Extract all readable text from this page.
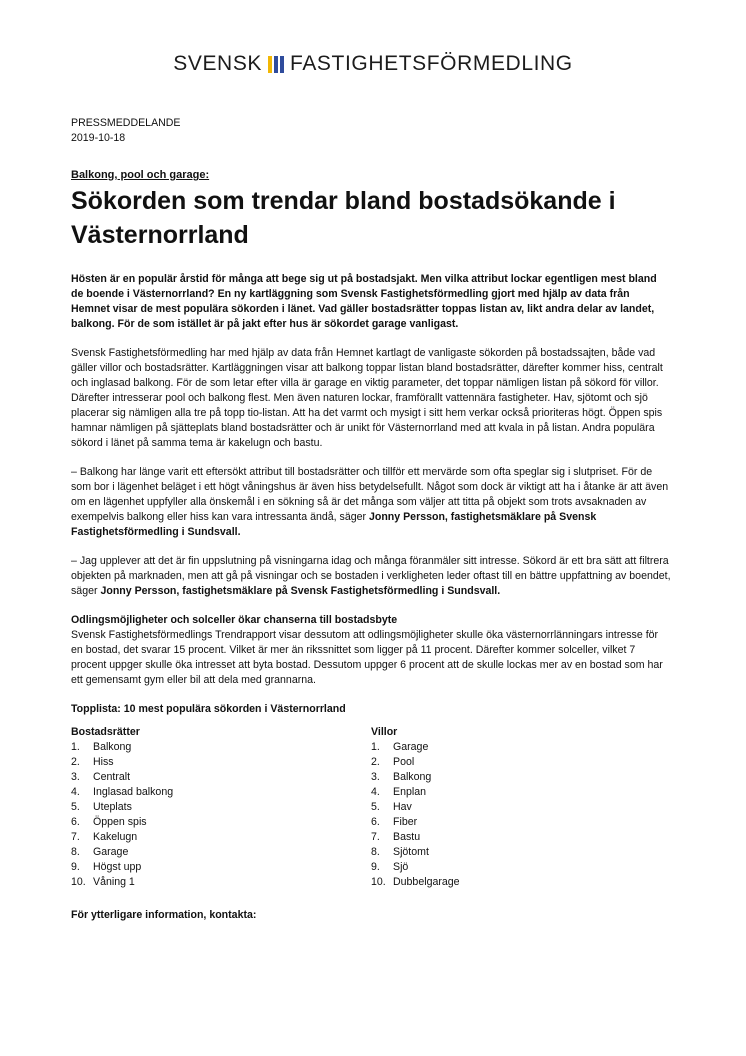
SVENSK FASTIGHETSFÖRMEDLING
PRESSMEDDELANDE
2019-10-18
Balkong, pool och garage:
Sökorden som trendar bland bostadsökande i Västernorrland

Hösten är en populär årstid för många att bege sig ut på bostadsjakt. Men vilka attribut lockar egentligen mest bland de boende i Västernorrland? En ny kartläggning som Svensk Fastighetsförmedling gjort med hjälp av data från Hemnet visar de mest populära sökorden i länet. Vad gäller bostadsrätter toppas listan av, likt andra delar av landet, balkong. För de som istället är på jakt efter hus är sökordet garage vanligast.

Svensk Fastighetsförmedling har med hjälp av data från Hemnet kartlagt de vanligaste sökorden på bostadssajten, både vad gäller villor och bostadsrätter. Kartläggningen visar att balkong toppar listan bland bostadsrätter, därefter kommer hiss, centralt och inglasad balkong. För de som letar efter villa är garage en viktig parameter, det toppar nämligen listan på sökord för villor. Därefter intresserar pool och balkong flest. Men även naturen lockar, framförallt vattennära fastigheter. Hav, sjötomt och sjö placerar sig nämligen alla tre på topp tio-listan. Att ha det varmt och mysigt i sitt hem verkar också prioriteras högt. Öppen spis hamnar nämligen på sjätteplats bland bostadsrätter och är unikt för Västernorrland med att kvala in på listan. Andra populära sökord i länet på samma tema är kakelugn och bastu.

– Balkong har länge varit ett eftersökt attribut till bostadsrätter och tillför ett mervärde som ofta speglar sig i slutpriset. För de som bor i lägenhet beläget i ett högt våningshus är även hiss betydelsefullt. Något som dock är viktigt att ha i åtanke är att även om en lägenhet uppfyller alla önskemål i en sökning så är det många som väljer att titta på objekt som trots avsaknaden av exempelvis balkong eller hiss kan vara intressanta ändå, säger Jonny Persson, fastighetsmäklare på Svensk Fastighetsförmedling i Sundsvall.

– Jag upplever att det är fin uppslutning på visningarna idag och många föranmäler sitt intresse. Sökord är ett bra sätt att filtrera objekten på marknaden, men att gå på visningar och se bostaden i verkligheten leder oftast till en bättre uppfattning av boendet, säger Jonny Persson, fastighetsmäklare på Svensk Fastighetsförmedling i Sundsvall.

Odlingsmöjligheter och solceller ökar chanserna till bostadsbyte

Svensk Fastighetsförmedlings Trendrapport visar dessutom att odlingsmöjligheter skulle öka västernorrlänningars intresse för en bostad, det svarar 15 procent. Vilket är mer än rikssnittet som ligger på 11 procent. Därefter kommer solceller, vilket 7 procent uppger skulle öka intresset att byta bostad. Dessutom uppger 6 procent att de skulle lockas mer av en bostad som har ett gemensamt gym eller bil att dela med grannarna.

Topplista: 10 mest populära sökorden i Västernorrland
Bostadsrätter
1.	Balkong
2.	Hiss
3.	Centralt
4.	Inglasad balkong
5.	Uteplats
6.	Öppen spis
7.	Kakelugn
8.	Garage
9.	Högst upp
10. Våning 1
Villor
1.	Garage
2.	Pool
3.	Balkong
4.	Enplan
5.	Hav
6.	Fiber
7.	Bastu
8.	Sjötomt
9.	Sjö
10. Dubbelgarage
För ytterligare information, kontakta:
